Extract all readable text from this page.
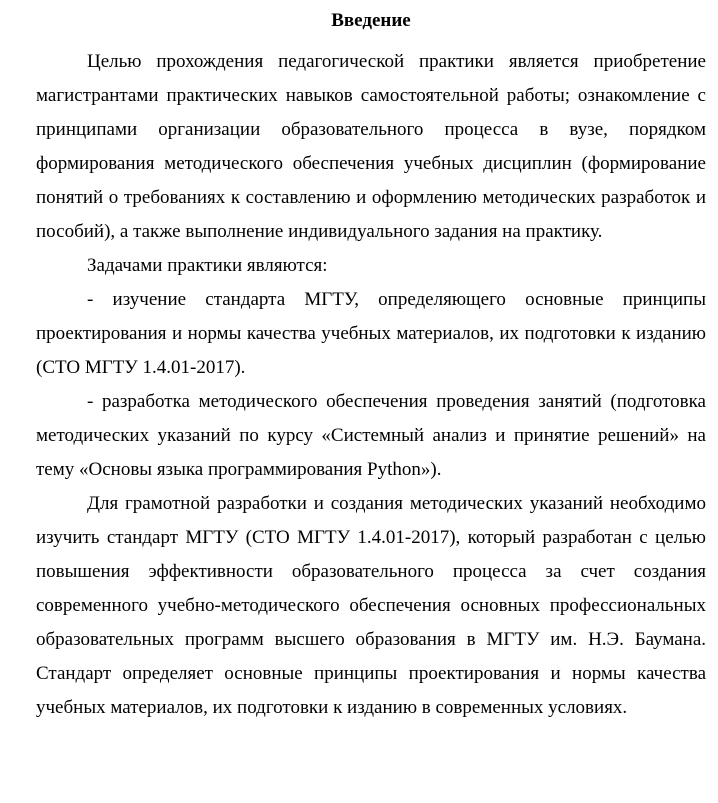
Введение

Целью прохождения педагогической практики является приобретение магистрантами практических навыков самостоятельной работы; ознакомление с принципами организации образовательного процесса в вузе, порядком формирования методического обеспечения учебных дисциплин (формирование понятий о требованиях к составлению и оформлению методических разработок и пособий), а также выполнение индивидуального задания на практику.

Задачами практики являются:

- изучение стандарта МГТУ, определяющего основные принципы проектирования и нормы качества учебных материалов, их подготовки к изданию (СТО МГТУ 1.4.01-2017).

- разработка методического обеспечения проведения занятий (подготовка методических указаний по курсу «Системный анализ и принятие решений» на тему «Основы языка программирования Python»).

Для грамотной разработки и создания методических указаний необходимо изучить стандарт МГТУ (СТО МГТУ 1.4.01-2017), который разработан с целью повышения эффективности образовательного процесса за счет создания современного учебно-методического обеспечения основных профессиональных образовательных программ высшего образования в МГТУ им. Н.Э. Баумана. Стандарт определяет основные принципы проектирования и нормы качества учебных материалов, их подготовки к изданию в современных условиях.
